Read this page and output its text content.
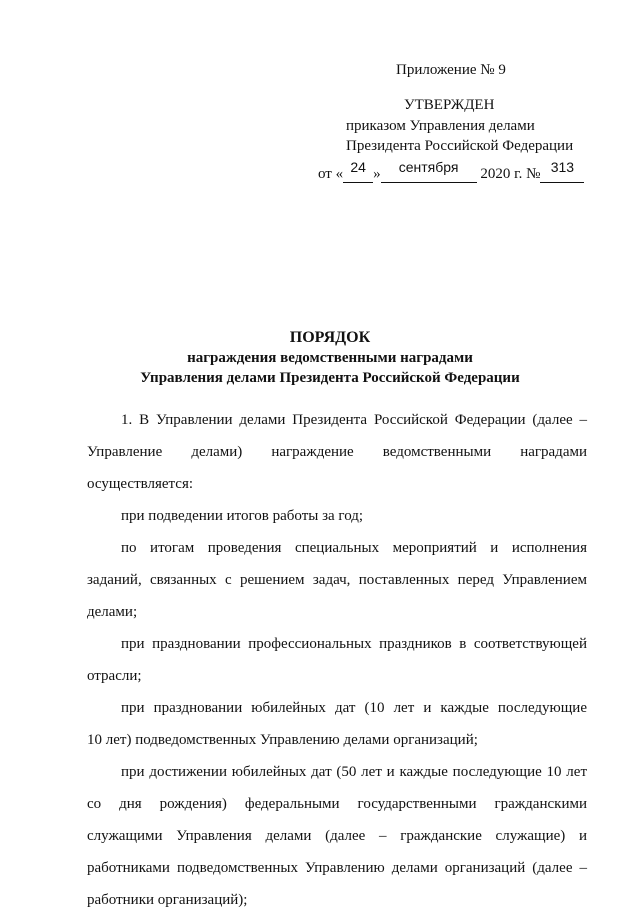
Приложение № 9
УТВЕРЖДЕН
приказом Управления делами
Президента Российской Федерации
от « 24 » сентября 2020 г. № 313
ПОРЯДОК
награждения ведомственными наградами
Управления делами Президента Российской Федерации
1. В Управлении делами Президента Российской Федерации (далее –
Управление делами) награждение ведомственными наградами
осуществляется:
при подведении итогов работы за год;
по итогам проведения специальных мероприятий и исполнения
заданий, связанных с решением задач, поставленных перед Управлением
делами;
при праздновании профессиональных праздников в соответствующей
отрасли;
при праздновании юбилейных дат (10 лет и каждые последующие
10 лет) подведомственных Управлению делами организаций;
при достижении юбилейных дат (50 лет и каждые последующие 10 лет
со дня рождения) федеральными государственными гражданскими
служащими Управления делами (далее – гражданские служащие) и
работниками подведомственных Управлению делами организаций (далее –
работники организаций);
